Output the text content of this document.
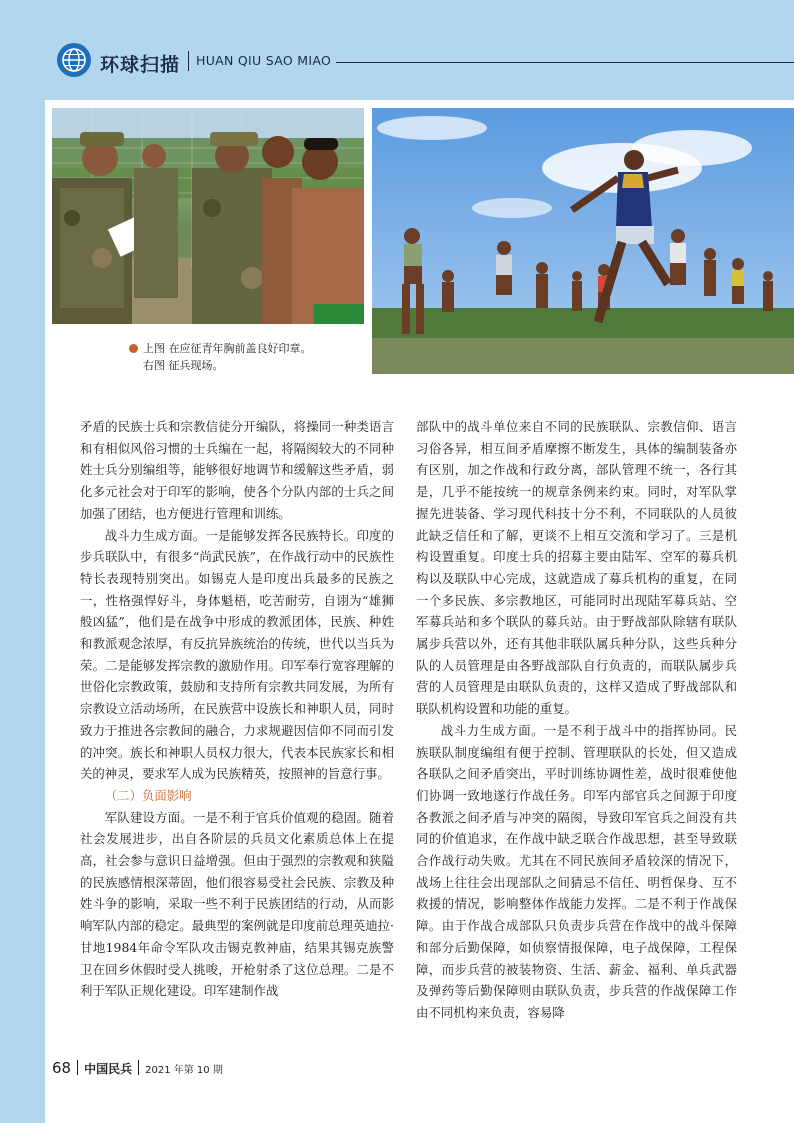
环球扫描 HUAN QIU SAO MIAO
上图 在应征青年胸前盖良好印章。
右图 征兵现场。

矛盾的民族士兵和宗教信徒分开编队，将操同一种类语言和有相似风俗习惯的士兵编在一起，将隔阂较大的不同种姓士兵分别编组等，能够很好地调节和缓解这些矛盾，弱化多元社会对于印军的影响，使各个分队内部的士兵之间加强了团结，也方便进行管理和训练。

战斗力生成方面。一是能够发挥各民族特长。印度的步兵联队中，有很多“尚武民族”，在作战行动中的民族性特长表现特别突出。如锡克人是印度出兵最多的民族之一，性格强悍好斗，身体魁梧，吃苦耐劳，自诩为“雄狮般凶猛”，他们是在战争中形成的教派团体，民族、种姓和教派观念浓厚，有反抗异族统治的传统，世代以当兵为荣。二是能够发挥宗教的激励作用。印军奉行宽容理解的世俗化宗教政策，鼓励和支持所有宗教共同发展，为所有宗教设立活动场所，在民族营中设族长和神职人员，同时致力于推进各宗教间的融合，力求规避因信仰不同而引发的冲突。族长和神职人员权力很大，代表本民族家长和相关的神灵，要求军人成为民族精英，按照神的旨意行事。

（二）负面影响

军队建设方面。一是不利于官兵价值观的稳固。随着社会发展进步，出自各阶层的兵员文化素质总体上在提高，社会参与意识日益增强。但由于强烈的宗教观和狭隘的民族感情根深蒂固，他们很容易受社会民族、宗教及种姓斗争的影响，采取一些不利于民族团结的行动，从而影响军队内部的稳定。最典型的案例就是印度前总理英迪拉·甘地1984年命令军队攻击锡克教神庙，结果其锡克族警卫在回乡休假时受人挑唆，开枪射杀了这位总理。二是不利于军队正规化建设。印军建制作战

部队中的战斗单位来自不同的民族联队、宗教信仰、语言习俗各异，相互间矛盾摩擦不断发生，具体的编制装备亦有区别，加之作战和行政分离，部队管理不统一，各行其是，几乎不能按统一的规章条例来约束。同时，对军队掌握先进装备、学习现代科技十分不利，不同联队的人员彼此缺乏信任和了解，更谈不上相互交流和学习了。三是机构设置重复。印度士兵的招募主要由陆军、空军的募兵机构以及联队中心完成，这就造成了募兵机构的重复，在同一个多民族、多宗教地区，可能同时出现陆军募兵站、空军募兵站和多个联队的募兵站。由于野战部队除辖有联队属步兵营以外，还有其他非联队属兵种分队，这些兵种分队的人员管理是由各野战部队自行负责的，而联队属步兵营的人员管理是由联队负责的，这样又造成了野战部队和联队机构设置和功能的重复。

战斗力生成方面。一是不利于战斗中的指挥协同。民族联队制度编组有便于控制、管理联队的长处，但又造成各联队之间矛盾突出，平时训练协调性差，战时很难使他们协调一致地遂行作战任务。印军内部官兵之间源于印度各教派之间矛盾与冲突的隔阂，导致印军官兵之间没有共同的价值追求，在作战中缺乏联合作战思想，甚至导致联合作战行动失败。尤其在不同民族间矛盾较深的情况下，战场上往往会出现部队之间猜忌不信任、明哲保身、互不救援的情况，影响整体作战能力发挥。二是不利于作战保障。由于作战合成部队只负责步兵营在作战中的战斗保障和部分后勤保障，如侦察情报保障，电子战保障，工程保障，而步兵营的被装物资、生活、薪金、福利、单兵武器及弹药等后勤保障则由联队负责，步兵营的作战保障工作由不同机构来负责，容易降

68 中国民兵 2021 年第 10 期
